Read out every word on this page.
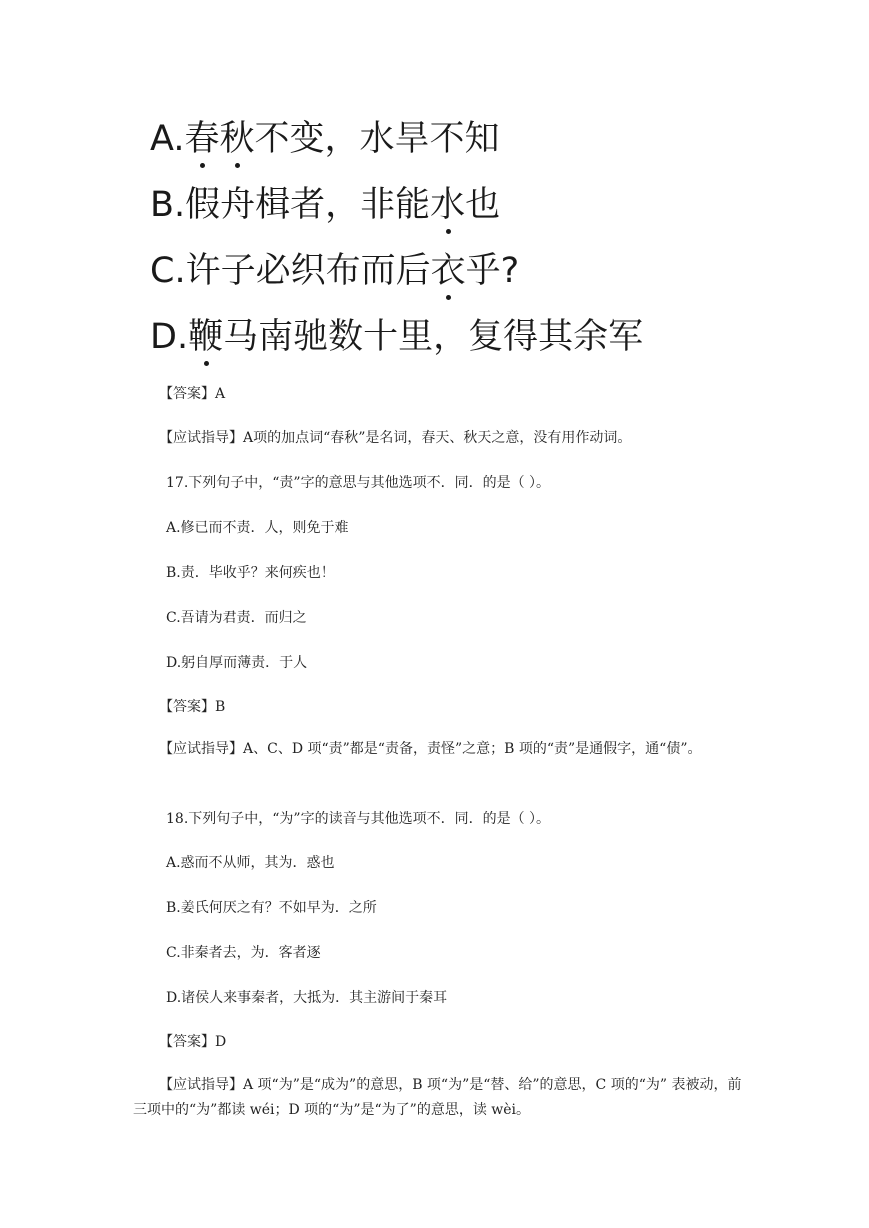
A.春秋不变，水旱不知
B.假舟楫者，非能水也
C.许子必织布而后衣乎?
D.鞭马南驰数十里，复得其余军
【答案】A
【应试指导】A项的加点词“春秋”是名词，春天、秋天之意，没有用作动词。
17.下列句子中，“责”字的意思与其他选项不．同．的是（ ）。
A.修已而不责．人，则免于难
B.责．毕收乎？来何疾也！
C.吾请为君责．而归之
D.躬自厚而薄责．于人
【答案】B
【应试指导】A、C、D 项“责”都是“责备，责怪”之意；B 项的“责”是通假字，通“债”。
18.下列句子中，“为”字的读音与其他选项不．同．的是（ ）。
A.惑而不从师，其为．惑也
B.姜氏何厌之有？不如早为．之所
C.非秦者去，为．客者逐
D.诸侯人来事秦者，大抵为．其主游间于秦耳
【答案】D
【应试指导】A 项“为”是“成为”的意思，B 项“为”是“替、给”的意思，C 项的“为” 表被动，前三项中的“为”都读 wéi；D 项的“为”是“为了”的意思，读 wèi。
